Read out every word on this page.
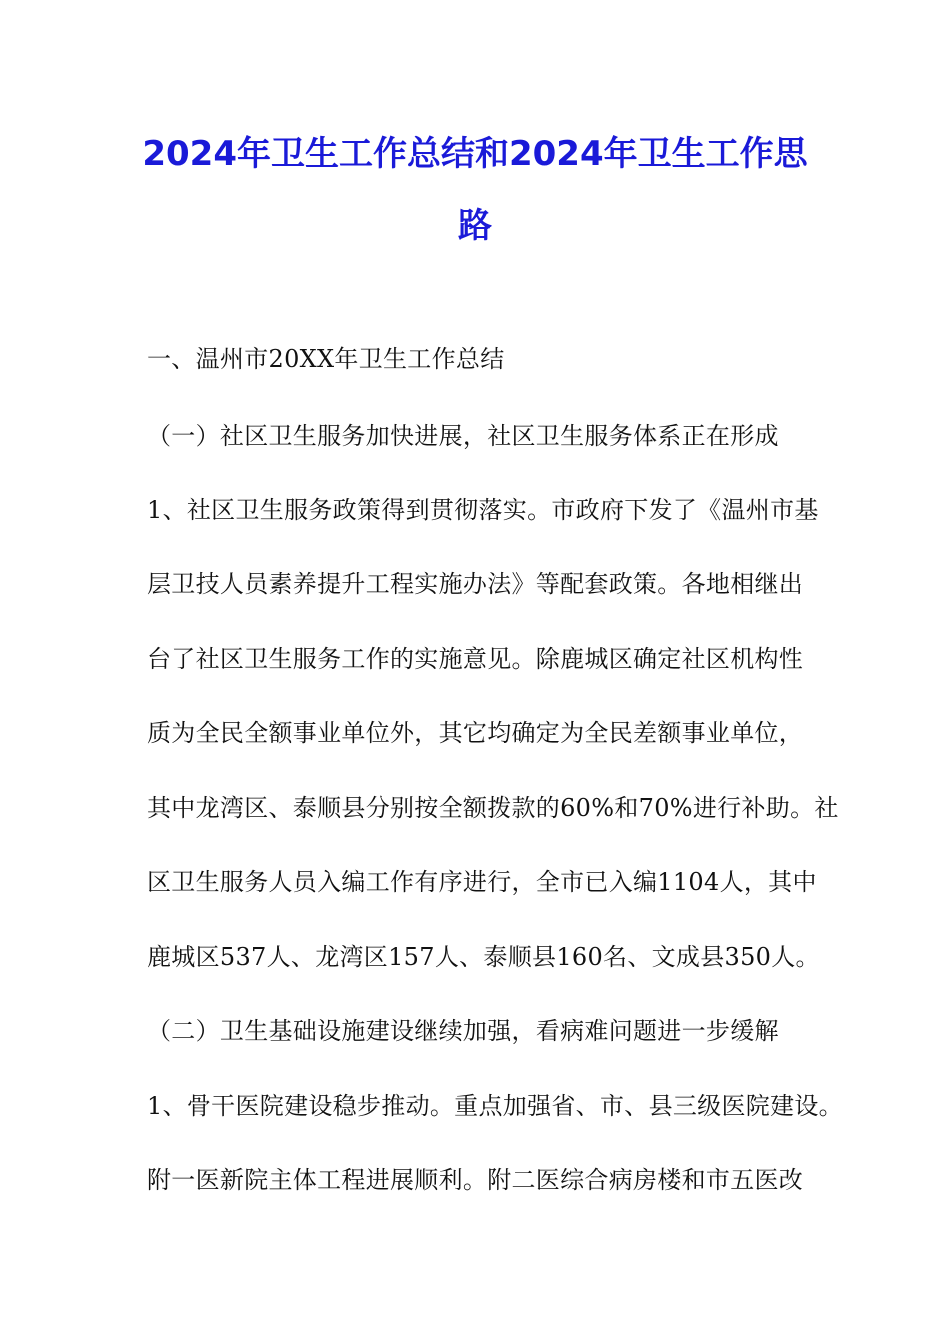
2024年卫生工作总结和2024年卫生工作思
路
一、温州市20XX年卫生工作总结
（一）社区卫生服务加快进展，社区卫生服务体系正在形成
1、社区卫生服务政策得到贯彻落实。市政府下发了《温州市基
层卫技人员素养提升工程实施办法》等配套政策。各地相继出
台了社区卫生服务工作的实施意见。除鹿城区确定社区机构性
质为全民全额事业单位外，其它均确定为全民差额事业单位，
其中龙湾区、泰顺县分别按全额拨款的60%和70%进行补助。社
区卫生服务人员入编工作有序进行，全市已入编1104人，其中
鹿城区537人、龙湾区157人、泰顺县160名、文成县350人。
（二）卫生基础设施建设继续加强，看病难问题进一步缓解
1、骨干医院建设稳步推动。重点加强省、市、县三级医院建设。
附一医新院主体工程进展顺利。附二医综合病房楼和市五医改
